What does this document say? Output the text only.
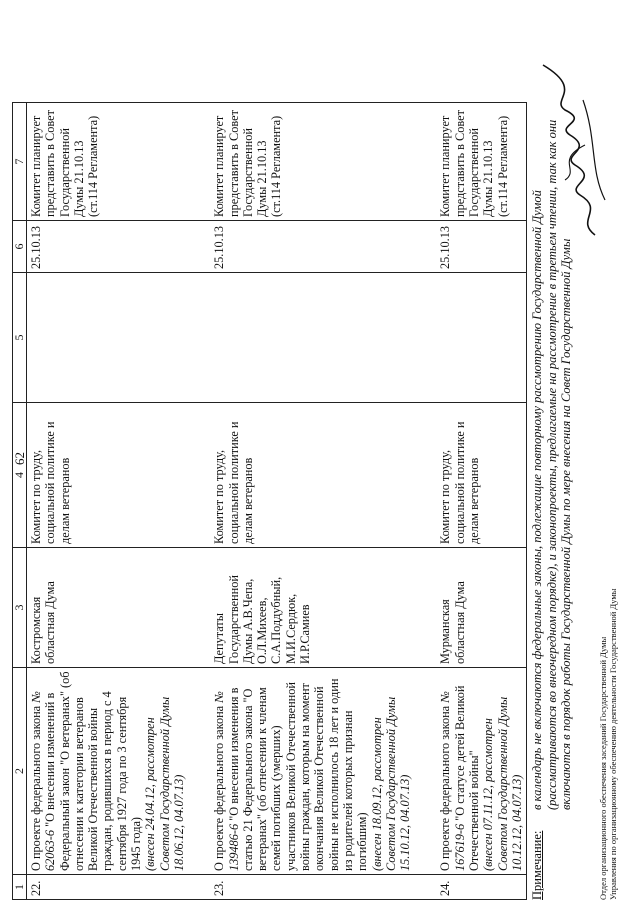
62
1	2	3	4	5	6	7
22.	О проекте федерального закона № 62063-6 "О внесении изменений в Федеральный закон "О ветеранах" (об отнесении к категории ветеранов Великой Отечественной войны граждан, родившихся в период с 4 сентября 1927 года по 3 сентября 1945 года) (внесен 24.04.12, рассмотрен Советом Государственной Думы 18.06.12, 04.07.13)	Костромская областная Дума	Комитет по труду, социальной политике и делам ветеранов		25.10.13	Комитет планирует представить в Совет Государственной Думы 21.10.13 (ст.114 Регламента)

23.	О проекте федерального закона № 139486-6 "О внесении изменения в статью 21 Федерального закона "О ветеранах" (об отнесении к членам семей погибших (умерших) участников Великой Отечественной войны граждан, которым на момент окончания Великой Отечественной войны не исполнилось 18 лет и один из родителей которых признан погибшим) (внесен 18.09.12, рассмотрен Советом Государственной Думы 15.10.12, 04.07.13)	Депутаты Государственной Думы А.В.Чепа, О.Л.Михеев, С.А.Поддубный, М.И.Сердюк, И.Р.Самиев	Комитет по труду, социальной политике и делам ветеранов		25.10.13	Комитет планирует представить в Совет Государственной Думы 21.10.13 (ст.114 Регламента)

24.	О проекте федерального закона № 167619-6 "О статусе детей Великой Отечественной войны" (внесен 07.11.12, рассмотрен Советом Государственной Думы 10.12.12, 04.07.13)	Мурманская областная Дума	Комитет по труду, социальной политике и делам ветеранов		25.10.13	Комитет планирует представить в Совет Государственной Думы 21.10.13 (ст.114 Регламента)
Примечание:в календарь не включаются федеральные законы, подлежащие повторному рассмотрению Государственной Думой (рассматриваются во внеочередном порядке), и законопроекты, предлагаемые на рассмотрение в третьем чтении, так как они включаются в порядок работы Государственной Думы по мере внесения на Совет Государственной Думы	Отдел организационного обеспечения заседаний Государственной Думы Управления по организационному обеспечению деятельности Государственной Думы
